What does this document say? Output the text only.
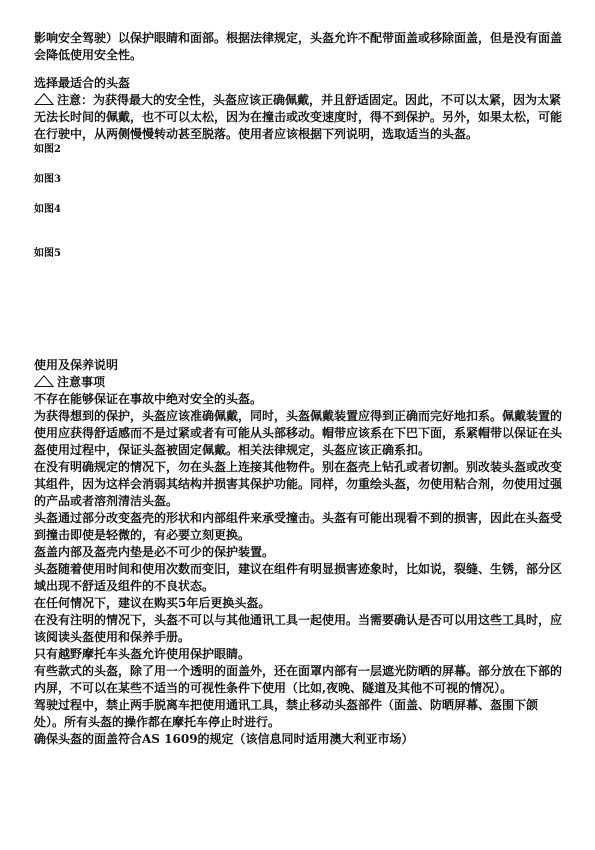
影响安全驾驶）以保护眼睛和面部。根据法律规定，头盔允许不配带面盖或移除面盖，但是没有面盖会降低使用安全性。

选择最适合的头盔
注意：为获得最大的安全性，头盔应该正确佩戴，并且舒适固定。因此，不可以太紧，因为太紧无法长时间的佩戴，也不可以太松，因为在撞击或改变速度时，得不到保护。另外，如果太松，可能在行驶中，从两侧慢慢转动甚至脱落。使用者应该根据下列说明，选取适当的头盔。

如图2

如图3

如图4

如图5

使用及保养说明
注意事项

不存在能够保证在事故中绝对安全的头盔。

为获得想到的保护，头盔应该准确佩戴，同时，头盔佩戴装置应得到正确而完好地扣系。佩戴装置的使用应获得舒适感而不是过紧或者有可能从头部移动。帽带应该系在下巴下面，系紧帽带以保证在头盔使用过程中，保证头盔被固定佩戴。相关法律规定，头盔应该正确系扣。

在没有明确规定的情况下，勿在头盔上连接其他物件。别在盔壳上钻孔或者切割。别改装头盔或改变其组件，因为这样会消弱其结构并损害其保护功能。同样，勿重绘头盔，勿使用粘合剂，勿使用过强的产品或者溶剂清洁头盔。

头盔通过部分改变盔壳的形状和内部组件来承受撞击。头盔有可能出现看不到的损害，因此在头盔受到撞击即使是轻微的，有必要立刻更换。

盔盖内部及盔壳内垫是必不可少的保护装置。

头盔随着使用时间和使用次数而变旧，建议在组件有明显损害迹象时，比如说，裂缝、生锈，部分区域出现不舒适及组件的不良状态。

在任何情况下，建议在购买5年后更换头盔。

在没有注明的情况下，头盔不可以与其他通讯工具一起使用。当需要确认是否可以用这些工具时，应该阅读头盔使用和保养手册。

只有越野摩托车头盔允许使用保护眼睛。

有些款式的头盔，除了用一个透明的面盖外，还在面罩内部有一层遮光防晒的屏幕。部分放在下部的内屏，不可以在某些不适当的可视性条件下使用（比如,夜晚、隧道及其他不可视的情况）。

驾驶过程中，禁止两手脱离车把使用通讯工具，禁止移动头盔部件（面盖、防晒屏幕、盔围下颌处）。所有头盔的操作都在摩托车停止时进行。

确保头盔的面盖符合AS 1609的规定（该信息同时适用澳大利亚市场）
